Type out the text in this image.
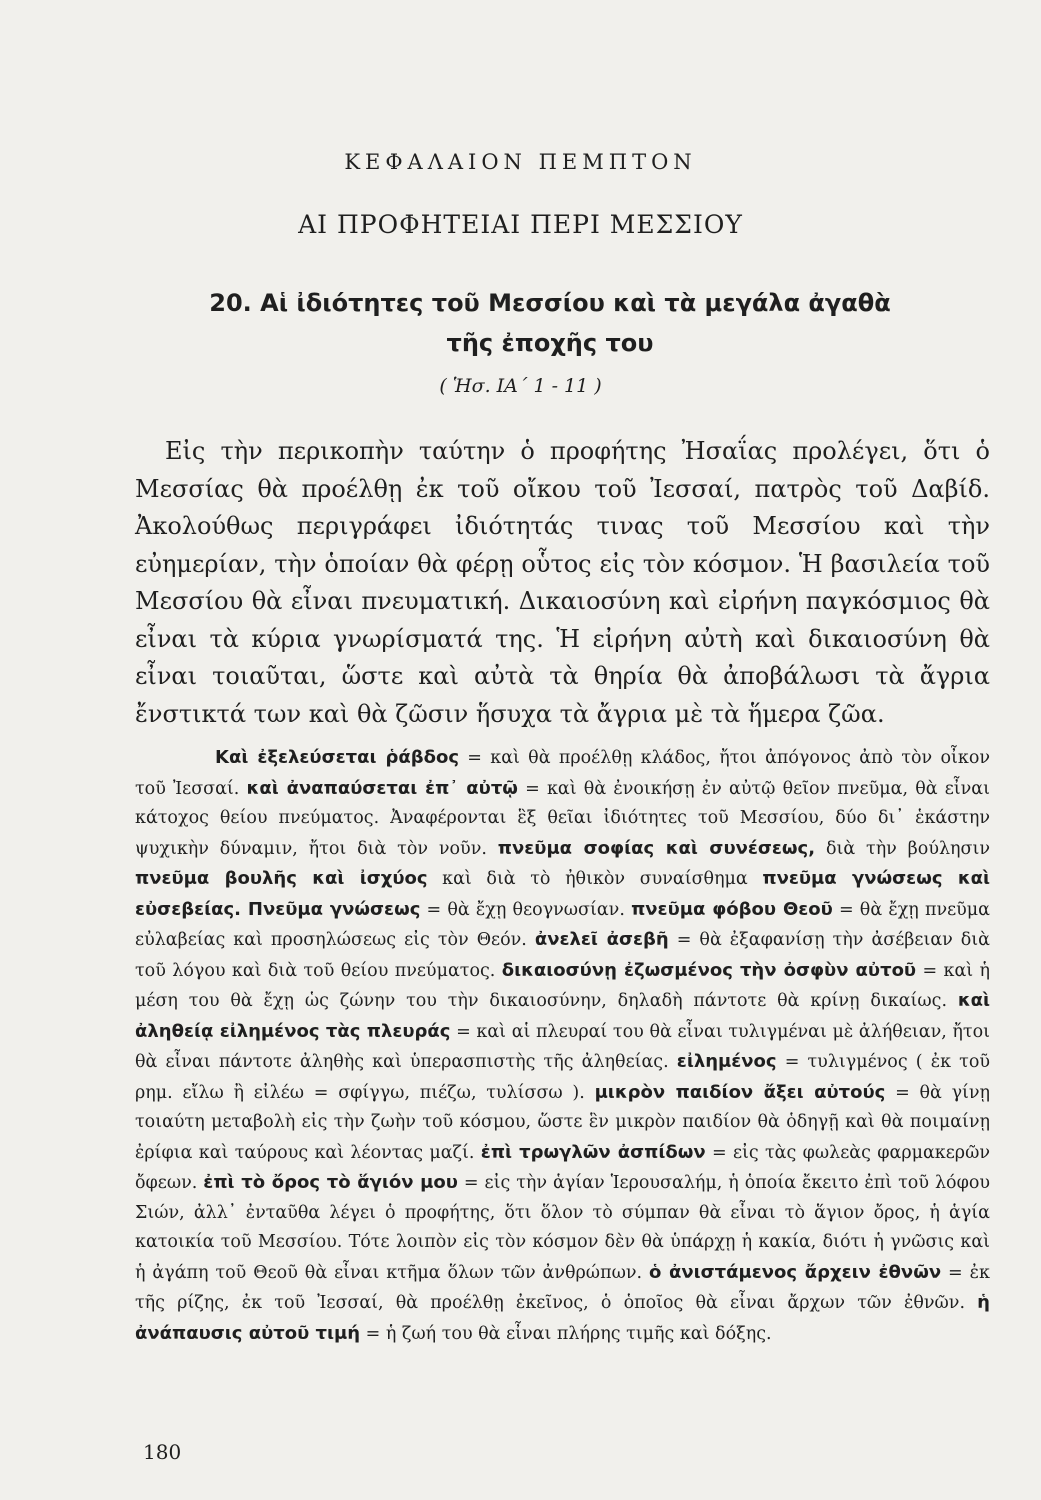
ΚΕΦΑΛΑΙΟΝ ΠΕΜΠΤΟΝ
ΑΙ ΠΡΟΦΗΤΕΙΑΙ ΠΕΡΙ ΜΕΣΣΙΟΥ
20. Αἱ ἰδιότητες τοῦ Μεσσίου καὶ τὰ μεγάλα ἀγαθὰ
τῆς ἐποχῆς του
( Ἡσ. ΙΑ΄ 1 - 11 )

Εἰς τὴν περικοπὴν ταύτην ὁ προφήτης Ἠσαΐας προλέγει, ὅτι ὁ Μεσσίας θὰ προέλθῃ ἐκ τοῦ οἴκου τοῦ Ἰεσσαί, πατρὸς τοῦ Δαβίδ. Ἀκολούθως περιγράφει ἰδιότητάς τινας τοῦ Μεσσίου καὶ τὴν εὐημερίαν, τὴν ὁποίαν θὰ φέρῃ οὗτος εἰς τὸν κόσμον. Ἡ βασιλεία τοῦ Μεσσίου θὰ εἶναι πνευματική. Δικαιοσύνη καὶ εἰρήνη παγκόσμιος θὰ εἶναι τὰ κύρια γνωρίσματά της. Ἡ εἰρήνη αὐτὴ καὶ δικαιοσύνη θὰ εἶναι τοιαῦται, ὥστε καὶ αὐτὰ τὰ θηρία θὰ ἀποβάλωσι τὰ ἄγρια ἔνστικτά των καὶ θὰ ζῶσιν ἥσυχα τὰ ἄγρια μὲ τὰ ἥμερα ζῶα.

Καὶ ἐξελεύσεται ῥάβδος = καὶ θὰ προέλθῃ κλάδος, ἤτοι ἀπόγονος ἀπὸ τὸν οἶκον τοῦ Ἰεσσαί. καὶ ἀναπαύσεται ἐπ᾿ αὐτῷ = καὶ θὰ ἐνοικήσῃ ἐν αὐτῷ θεῖον πνεῦμα, θὰ εἶναι κάτοχος θείου πνεύματος. Ἀναφέρονται ἓξ θεῖαι ἰδιότητες τοῦ Μεσσίου, δύο δι᾿ ἑκάστην ψυχικὴν δύναμιν, ἤτοι διὰ τὸν νοῦν. πνεῦμα σοφίας καὶ συνέσεως, διὰ τὴν βούλησιν πνεῦμα βουλῆς καὶ ἰσχύος καὶ διὰ τὸ ἠθικὸν συναίσθημα πνεῦμα γνώσεως καὶ εὐσεβείας. Πνεῦμα γνώσεως = θὰ ἔχῃ θεογνωσίαν. πνεῦμα φόβου Θεοῦ = θὰ ἔχῃ πνεῦμα εὐλαβείας καὶ προσηλώσεως εἰς τὸν Θεόν. ἀνελεῖ ἀσεβῆ = θὰ ἐξαφανίσῃ τὴν ἀσέβειαν διὰ τοῦ λόγου καὶ διὰ τοῦ θείου πνεύματος. δικαιοσύνῃ ἐζωσμένος τὴν ὀσφὺν αὐτοῦ = καὶ ἡ μέση του θὰ ἔχῃ ὡς ζώνην του τὴν δικαιοσύνην, δηλαδὴ πάντοτε θὰ κρίνῃ δικαίως. καὶ ἀληθείᾳ εἰλημένος τὰς πλευράς = καὶ αἱ πλευραί του θὰ εἶναι τυλιγμέναι μὲ ἀλήθειαν, ἤτοι θὰ εἶναι πάντοτε ἀληθὴς καὶ ὑπερασπιστὴς τῆς ἀληθείας. εἰλημένος = τυλιγμένος ( ἐκ τοῦ ρημ. εἴλω ἢ εἰλέω = σφίγγω, πιέζω, τυλίσσω ). μικρὸν παιδίον ἄξει αὐτούς = θὰ γίνῃ τοιαύτη μεταβολὴ εἰς τὴν ζωὴν τοῦ κόσμου, ὥστε ἓν μικρὸν παιδίον θὰ ὁδηγῇ καὶ θὰ ποιμαίνῃ ἐρίφια καὶ ταύρους καὶ λέοντας μαζί. ἐπὶ τρωγλῶν ἀσπίδων = εἰς τὰς φωλεὰς φαρμακερῶν ὄφεων. ἐπὶ τὸ ὄρος τὸ ἅγιόν μου = εἰς τὴν ἁγίαν Ἱερουσαλήμ, ἡ ὁποία ἔκειτο ἐπὶ τοῦ λόφου Σιών, ἀλλ᾿ ἐνταῦθα λέγει ὁ προφήτης, ὅτι ὅλον τὸ σύμπαν θὰ εἶναι τὸ ἅγιον ὄρος, ἡ ἁγία κατοικία τοῦ Μεσσίου. Τότε λοιπὸν εἰς τὸν κόσμον δὲν θὰ ὑπάρχῃ ἡ κακία, διότι ἡ γνῶσις καὶ ἡ ἀγάπη τοῦ Θεοῦ θὰ εἶναι κτῆμα ὅλων τῶν ἀνθρώπων. ὁ ἀνιστάμενος ἄρχειν ἐθνῶν = ἐκ τῆς ρίζης, ἐκ τοῦ Ἰεσσαί, θὰ προέλθῃ ἐκεῖνος, ὁ ὁποῖος θὰ εἶναι ἄρχων τῶν ἐθνῶν. ἡ ἀνάπαυσις αὐτοῦ τιμή = ἡ ζωή του θὰ εἶναι πλήρης τιμῆς καὶ δόξης.

180
